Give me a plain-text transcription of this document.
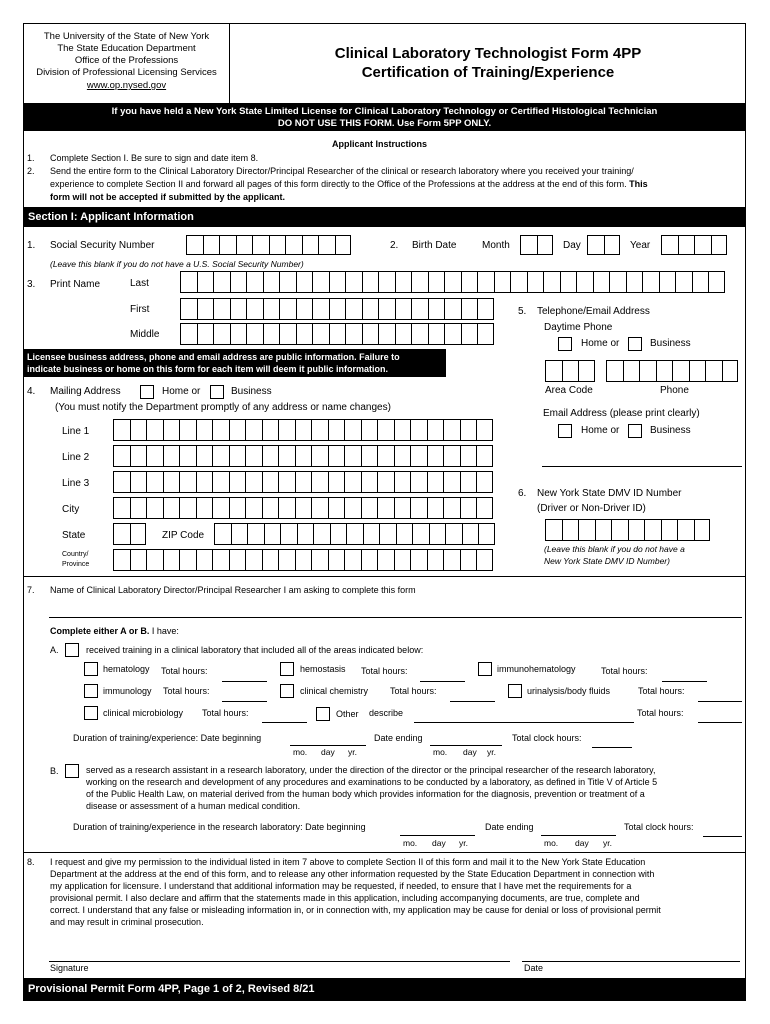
The University of the State of New York
The State Education Department
Office of the Professions
Division of Professional Licensing Services
www.op.nysed.gov
Clinical Laboratory Technologist Form 4PP
Certification of Training/Experience
If you have held a New York State Limited License for Clinical Laboratory Technology or Certified Histological Technician
DO NOT USE THIS FORM. Use Form 5PP ONLY.
Applicant Instructions
1. Complete Section I. Be sure to sign and date item 8.
2. Send the entire form to the Clinical Laboratory Director/Principal Researcher of the clinical or research laboratory where you received your training/
experience to complete Section II and forward all pages of this form directly to the Office of the Professions at the address at the end of this form. This
form will not be accepted if submitted by the applicant.
Section I: Applicant Information
1. Social Security Number
(Leave this blank if you do not have a U.S. Social Security Number)
2. Birth Date	Month	Day	Year
3. Print Name	Last
First
Middle
Licensee business address, phone and email address are public information. Failure to
indicate business or home on this form for each item will deem it public information.
5. Telephone/Email Address
Daytime Phone
Home or	Business
Area Code	Phone
Email Address (please print clearly)
Home or	Business
6. New York State DMV ID Number
(Driver or Non-Driver ID)
(Leave this blank if you do not have a
New York State DMV ID Number)
4. Mailing Address	Home or	Business
(You must notify the Department promptly of any address or name changes)
Line 1
Line 2
Line 3
City
State	ZIP Code
Country/
Province
7. Name of Clinical Laboratory Director/Principal Researcher I am asking to complete this form
Complete either A or B. I have:
A.	received training in a clinical laboratory that included all of the areas indicated below:
hematology Total hours:	hemostasis Total hours:	immunohematology	Total hours:
immunology Total hours:	clinical chemistry Total hours:	urinalysis/body fluids	Total hours:
clinical microbiology Total hours:	Other describe	Total hours:
Duration of training/experience: Date beginning
mo. day yr.
Date ending
mo. day yr.
Total clock hours:
B.	served as a research assistant in a research laboratory, under the direction of the director or the principal researcher of the research laboratory,
working on the research and development of any procedures and examinations to be conducted by a laboratory, as defined in Title V of Article 5
of the Public Health Law, on material derived from the human body which provides information for the diagnosis, prevention or treatment of a
disease or assessment of a human medical condition.
Duration of training/experience in the research laboratory: Date beginning
mo. day yr.
Date ending
mo. day yr.
Total clock hours:
8. I request and give my permission to the individual listed in item 7 above to complete Section II of this form and mail it to the New York State Education
Department at the address at the end of this form, and to release any other information requested by the State Education Department in connection with
my application for licensure. I understand that additional information may be requested, if needed, to ensure that I have met the requirements for a
provisional permit. I also declare and affirm that the statements made in this application, including accompanying documents, are true, complete and
correct. I understand that any false or misleading information in, or in connection with, my application may be cause for denial or loss of provisional permit
and may result in criminal prosecution.
Signature	Date
Provisional Permit Form 4PP, Page 1 of 2, Revised 8/21
